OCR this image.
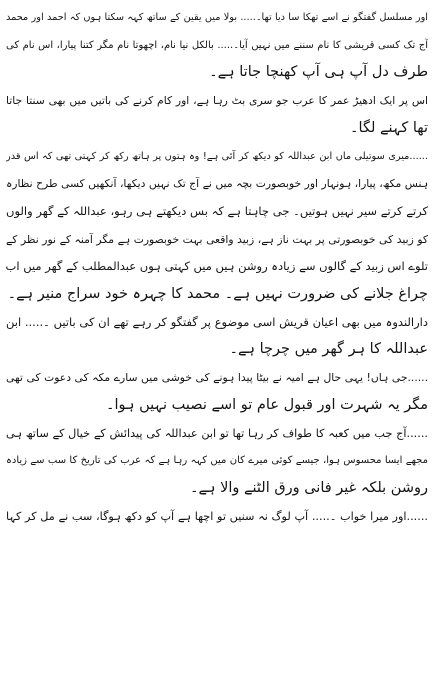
اور مسلسل گفتگو نے اسے تھکا سا دیا تھا۔..... بولا میں یقین کے ساتھ کہہ سکتا ہوں کہ احمد اور محمد
آج تک کسی قریشی کا نام سننے میں نہیں آیا۔..... بالکل نیا نام، اچھوتا نام مگر کتنا پیارا، اس نام کی
طرف دل آپ ہی آپ کھنچا جاتا ہے۔
اس پر ایک ادھیڑ عمر کا عرب جو سری بٹ رہا ہے، اور کام کرنے کی باتیں میں بھی سنتا جاتا
تھا کہنے لگا۔
......میری سوتیلی ماں ابن عبداللہ کو دیکھ کر آئی ہے! وہ ہتوں پر ہاتھ رکھ کر کہتی تھی کہ اس قدر
ہنس مکھ، پیارا، ہونہار اور خوبصورت بچہ میں نے آج تک نہیں دیکھا، آنکھیں کسی طرح نظارہ
کرتے کرتے سیر نہیں ہوتیں۔ جی چاہتا ہے کہ بس دیکھتے ہی رہو، عبداللہ کے گھر والوں
کو زبید کی خوبصورتی پر بہت ناز ہے، زبید واقعی بہت خوبصورت ہے مگر آمنہ کے نور نظر کے
تلوے اس زبید کے گالوں سے زیادہ روشن ہیں میں کہتی ہوں عبدالمطلب کے گھر میں اب
چراغ جلانے کی ضرورت نہیں ہے۔ محمد کا چہرہ خود سراج منیر ہے۔
دارالندوہ میں بھی اعیان قریش اسی موضوع پر گفتگو کر رہے تھے ان کی باتیں ۔..... ابن
عبداللہ کا ہر گھر میں چرچا ہے۔
......جی ہاں! یہی حال ہے امیہ نے بیٹا پیدا ہونے کی خوشی میں سارے مکہ کی دعوت کی تھی
مگر یہ شہرت اور قبول عام تو اسے نصیب نہیں ہوا۔
......آج جب میں کعبہ کا طواف کر رہا تھا تو ابن عبداللہ کی پیدائش کے خیال کے ساتھ ہی
مجھے ایسا محسوس ہوا، جیسے کوئی میرے کان میں کہہ رہا ہے کہ عرب کی تاریخ کا سب سے زیادہ
روشن بلکہ غیر فانی ورق الٹنے والا ہے۔
......اور میرا خواب ۔..... آپ لوگ نہ سنیں تو اچھا ہے آپ کو دکھ ہوگا، سب نے مل کر کہا
